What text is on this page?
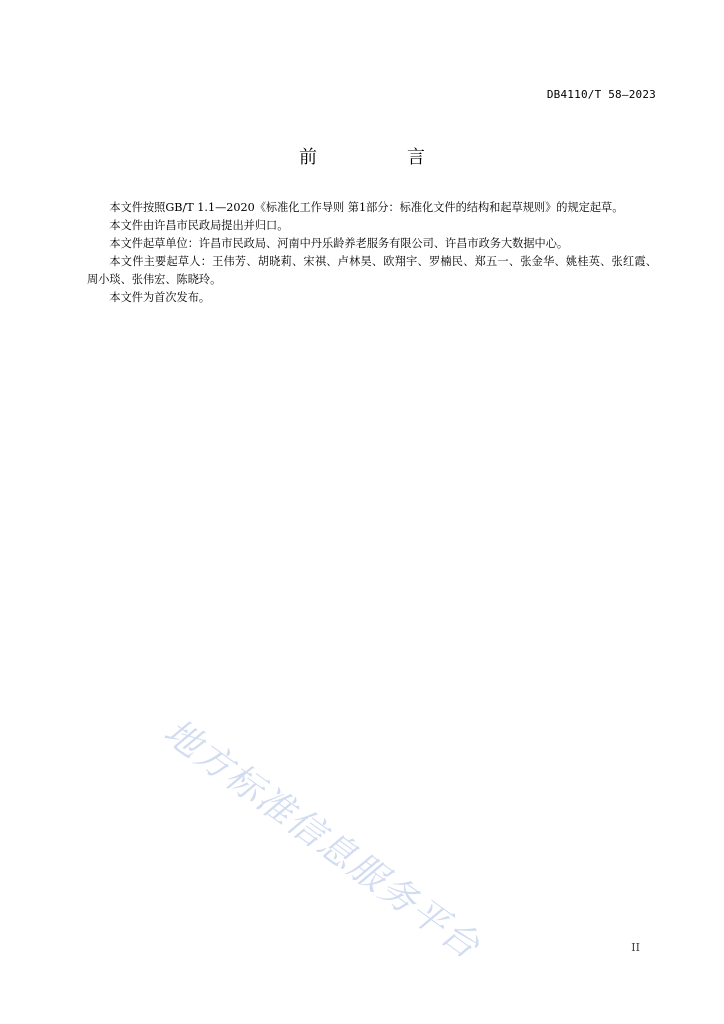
DB4110/T 58—2023
前言

本文件按照GB/T 1.1—2020《标准化工作导则 第1部分：标准化文件的结构和起草规则》的规定起草。

本文件由许昌市民政局提出并归口。

本文件起草单位：许昌市民政局、河南中丹乐龄养老服务有限公司、许昌市政务大数据中心。

本文件主要起草人：王伟芳、胡晓莉、宋祺、卢林昊、欧翔宇、罗楠民、郑五一、张金华、姚桂英、张红霞、周小琰、张伟宏、陈晓玲。

本文件为首次发布。

地方标准信息服务平台	II
